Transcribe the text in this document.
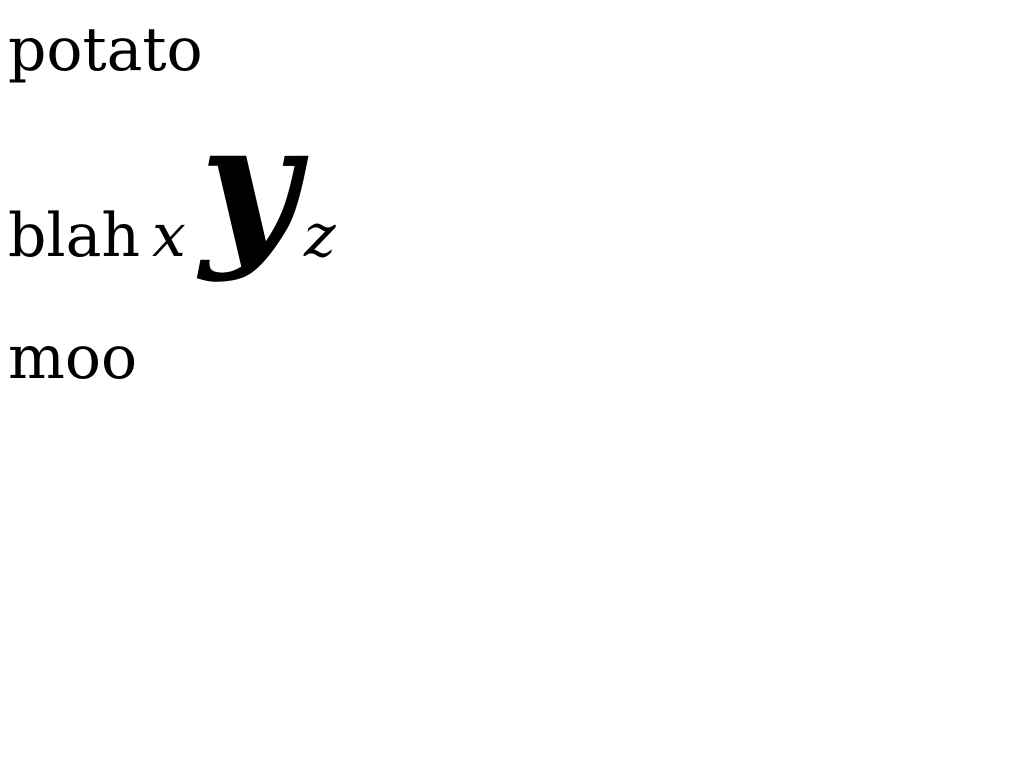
potato
blah x y z
moo
